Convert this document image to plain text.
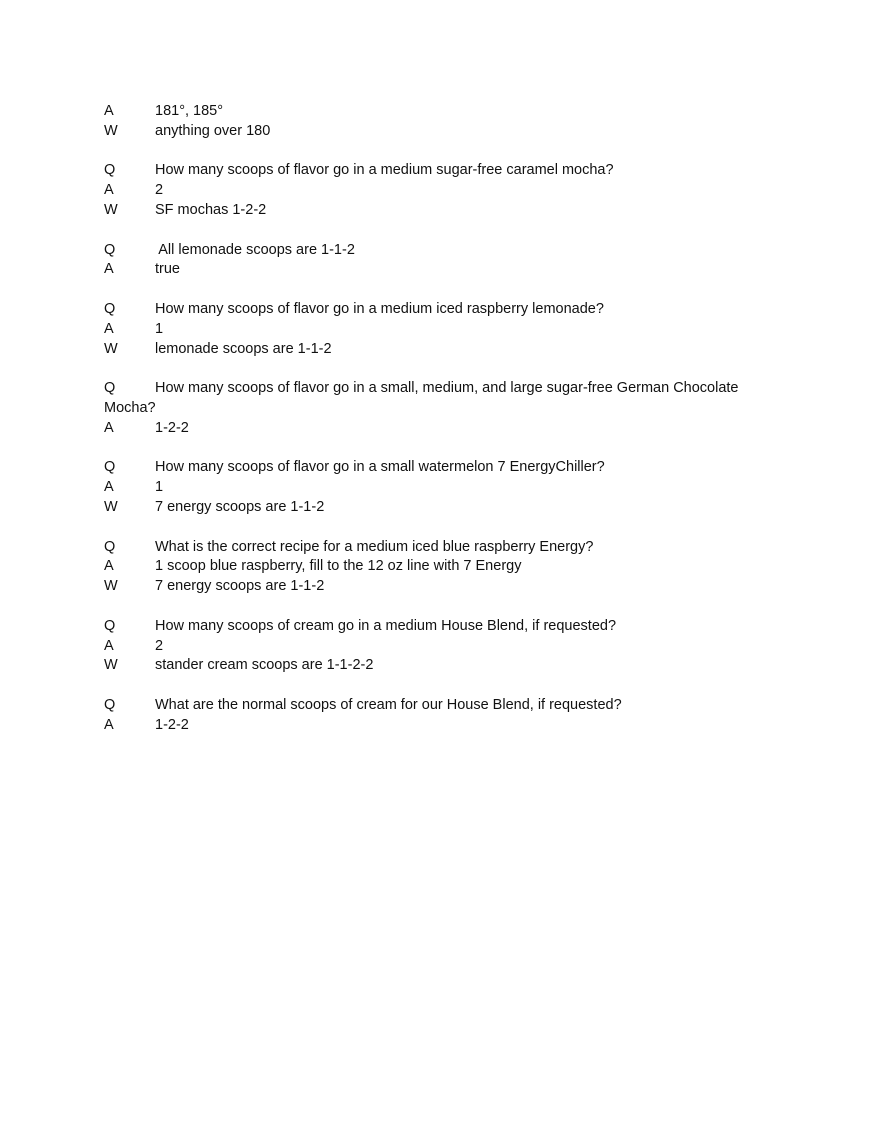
A	181°, 185°
W	anything over 180
Q	How many scoops of flavor go in a medium sugar-free caramel mocha?
A	2
W	SF mochas 1-2-2
Q	All lemonade scoops are 1-1-2
A	true
Q	How many scoops of flavor go in a medium iced raspberry lemonade?
A	1
W	lemonade scoops are 1-1-2
Q	How many scoops of flavor go in a small, medium, and large sugar-free German Chocolate Mocha?
A	1-2-2
Q	How many scoops of flavor go in a small watermelon 7 EnergyChiller?
A	1
W	7 energy scoops are 1-1-2
Q	What is the correct recipe for a medium iced blue raspberry Energy?
A	1 scoop blue raspberry, fill to the 12 oz line with 7 Energy
W	7 energy scoops are 1-1-2
Q	How many scoops of cream go in a medium House Blend, if requested?
A	2
W	stander cream scoops are 1-1-2-2
Q	What are the normal scoops of cream for our House Blend, if requested?
A	1-2-2
